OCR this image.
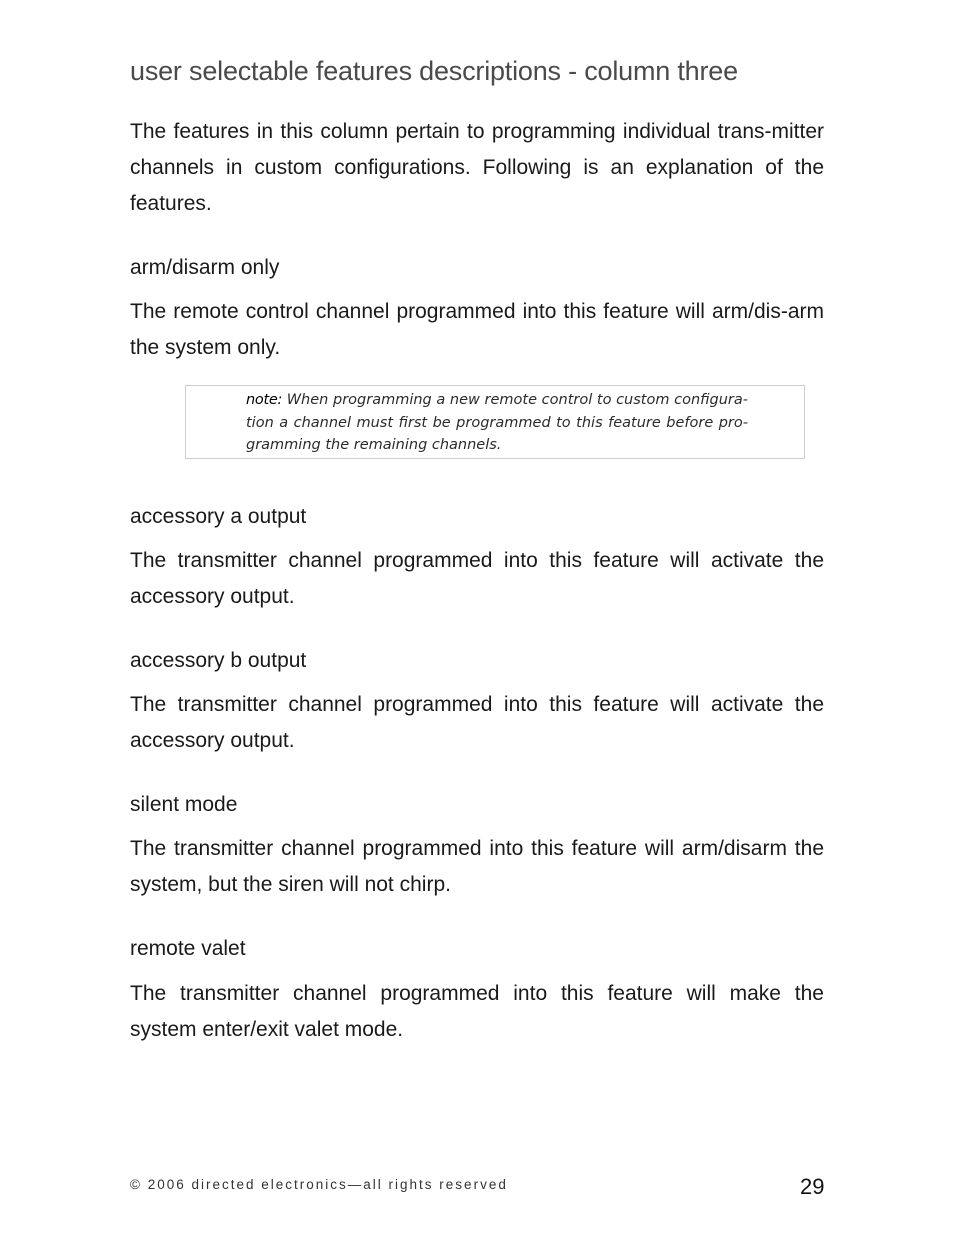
user selectable features descriptions - column three

The features in this column pertain to programming individual trans-mitter channels in custom configurations. Following is an explanation of the features.

arm/disarm only

The remote control channel programmed into this feature will arm/dis-arm the system only.

note: When programming a new remote control to custom configura-tion a channel must first be programmed to this feature before pro-gramming the remaining channels.

accessory a output

The transmitter channel programmed into this feature will activate the accessory output.

accessory b output

The transmitter channel programmed into this feature will activate the accessory output.

silent mode

The transmitter channel programmed into this feature will arm/disarm the system, but the siren will not chirp.

remote valet

The transmitter channel programmed into this feature will make the system enter/exit valet mode.

© 2006 directed electronics—all rights reserved	29
